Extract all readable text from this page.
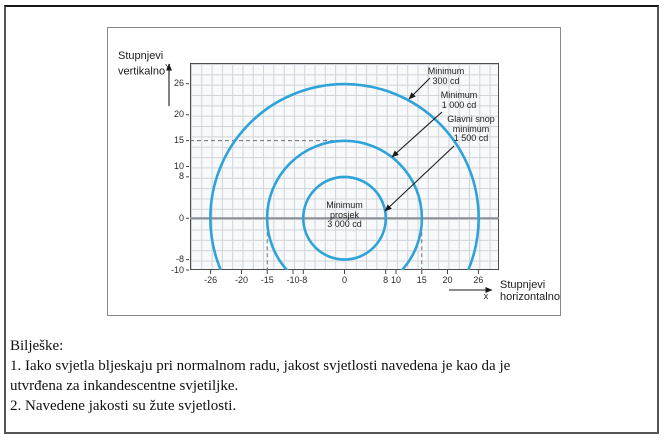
Stupnjevi
vertikalno$^Y$
Stupnjevi
horizontalno
x
Minimum
prosjek
3 000 cd
Minimum
300 cd
Minimum
1 000 cd
Glavni snop
minimum
1 500 cd
26
20
15
10
8
0
-8
-10
-26 -20 -15 -10 -8	0	8 10 15 20 26
Bilješke:
1. Iako svjetla bljeskaju pri normalnom radu, jakost svjetlosti navedena je kao da je
utvrđena za inkandescentne svjetiljke.
2. Navedene jakosti su žute svjetlosti.
